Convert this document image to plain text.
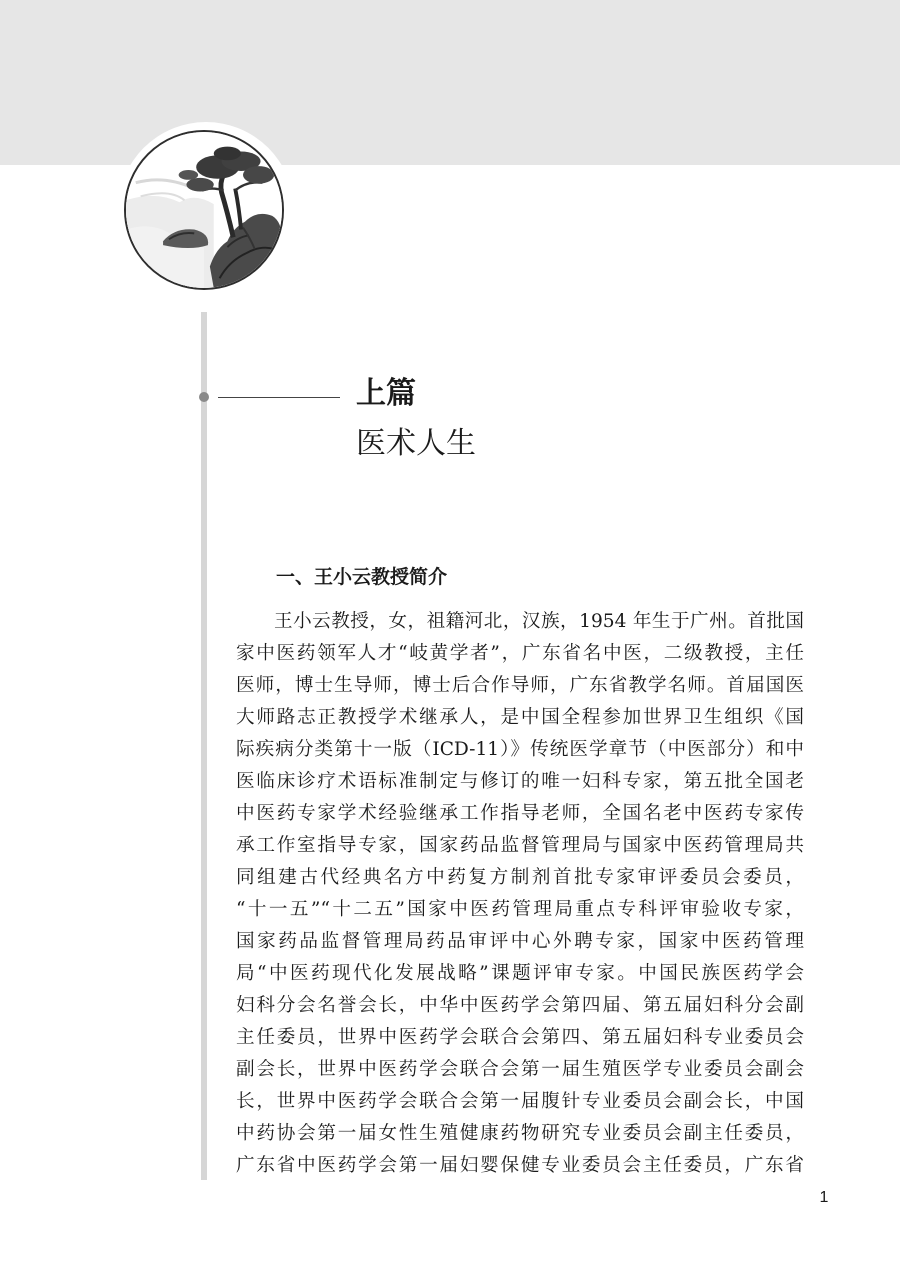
上篇
医术人生
一、王小云教授简介
王小云教授，女，祖籍河北，汉族，1954 年生于广州。首批国
家中医药领军人才“岐黄学者”，广东省名中医，二级教授，主任
医师，博士生导师，博士后合作导师，广东省教学名师。首届国医
大师路志正教授学术继承人，是中国全程参加世界卫生组织《国
际疾病分类第十一版（ICD-11）》传统医学章节（中医部分）和中
医临床诊疗术语标准制定与修订的唯一妇科专家，第五批全国老
中医药专家学术经验继承工作指导老师，全国名老中医药专家传
承工作室指导专家，国家药品监督管理局与国家中医药管理局共
同组建古代经典名方中药复方制剂首批专家审评委员会委员，
“十一五”“十二五”国家中医药管理局重点专科评审验收专家，
国家药品监督管理局药品审评中心外聘专家，国家中医药管理
局“中医药现代化发展战略”课题评审专家。中国民族医药学会
妇科分会名誉会长，中华中医药学会第四届、第五届妇科分会副
主任委员，世界中医药学会联合会第四、第五届妇科专业委员会
副会长，世界中医药学会联合会第一届生殖医学专业委员会副会
长，世界中医药学会联合会第一届腹针专业委员会副会长，中国
中药协会第一届女性生殖健康药物研究专业委员会副主任委员，
广东省中医药学会第一届妇婴保健专业委员会主任委员，广东省
1
